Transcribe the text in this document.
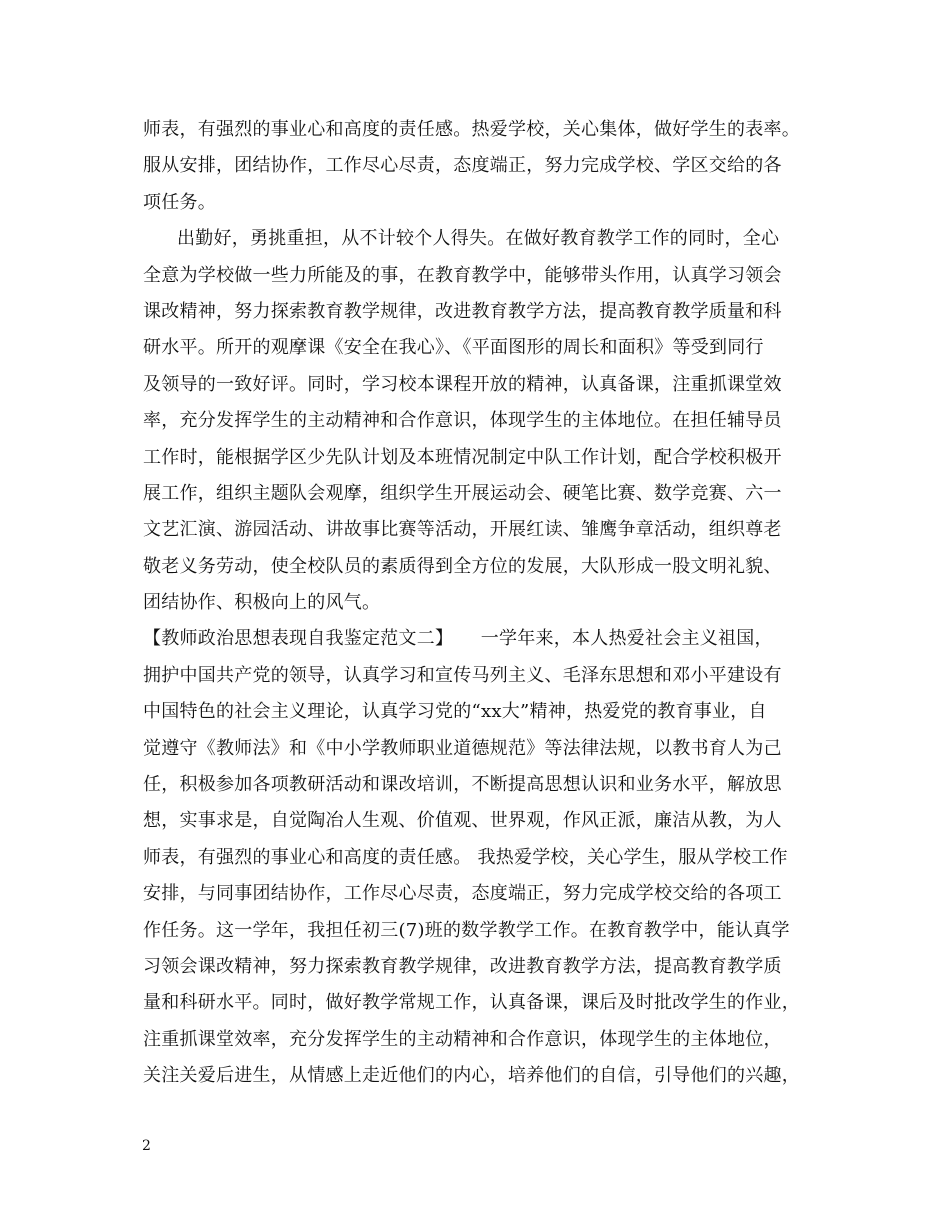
师表，有强烈的事业心和高度的责任感。热爱学校，关心集体，做好学生的表率。
服从安排，团结协作，工作尽心尽责，态度端正，努力完成学校、学区交给的各
项任务。
出勤好，勇挑重担，从不计较个人得失。在做好教育教学工作的同时，全心
全意为学校做一些力所能及的事，在教育教学中，能够带头作用，认真学习领会
课改精神，努力探索教育教学规律，改进教育教学方法，提高教育教学质量和科
研水平。所开的观摩课《安全在我心》、《平面图形的周长和面积》等受到同行
及领导的一致好评。同时，学习校本课程开放的精神，认真备课，注重抓课堂效
率，充分发挥学生的主动精神和合作意识，体现学生的主体地位。在担任辅导员
工作时，能根据学区少先队计划及本班情况制定中队工作计划，配合学校积极开
展工作，组织主题队会观摩，组织学生开展运动会、硬笔比赛、数学竞赛、六一
文艺汇演、游园活动、讲故事比赛等活动，开展红读、雏鹰争章活动，组织尊老
敬老义务劳动，使全校队员的素质得到全方位的发展，大队形成一股文明礼貌、
团结协作、积极向上的风气。
【教师政治思想表现自我鉴定范文二】　　一学年来，本人热爱社会主义祖国，
拥护中国共产党的领导，认真学习和宣传马列主义、毛泽东思想和邓小平建设有
中国特色的社会主义理论，认真学习党的“xx大”精神，热爱党的教育事业，自
觉遵守《教师法》和《中小学教师职业道德规范》等法律法规，以教书育人为己
任，积极参加各项教研活动和课改培训，不断提高思想认识和业务水平，解放思
想，实事求是，自觉陶冶人生观、价值观、世界观，作风正派，廉洁从教，为人
师表，有强烈的事业心和高度的责任感。 我热爱学校，关心学生，服从学校工作
安排，与同事团结协作，工作尽心尽责，态度端正，努力完成学校交给的各项工
作任务。这一学年，我担任初三(7)班的数学教学工作。在教育教学中，能认真学
习领会课改精神，努力探索教育教学规律，改进教育教学方法，提高教育教学质
量和科研水平。同时，做好教学常规工作，认真备课，课后及时批改学生的作业，
注重抓课堂效率，充分发挥学生的主动精神和合作意识，体现学生的主体地位，
关注关爱后进生，从情感上走近他们的内心，培养他们的自信，引导他们的兴趣，
2
